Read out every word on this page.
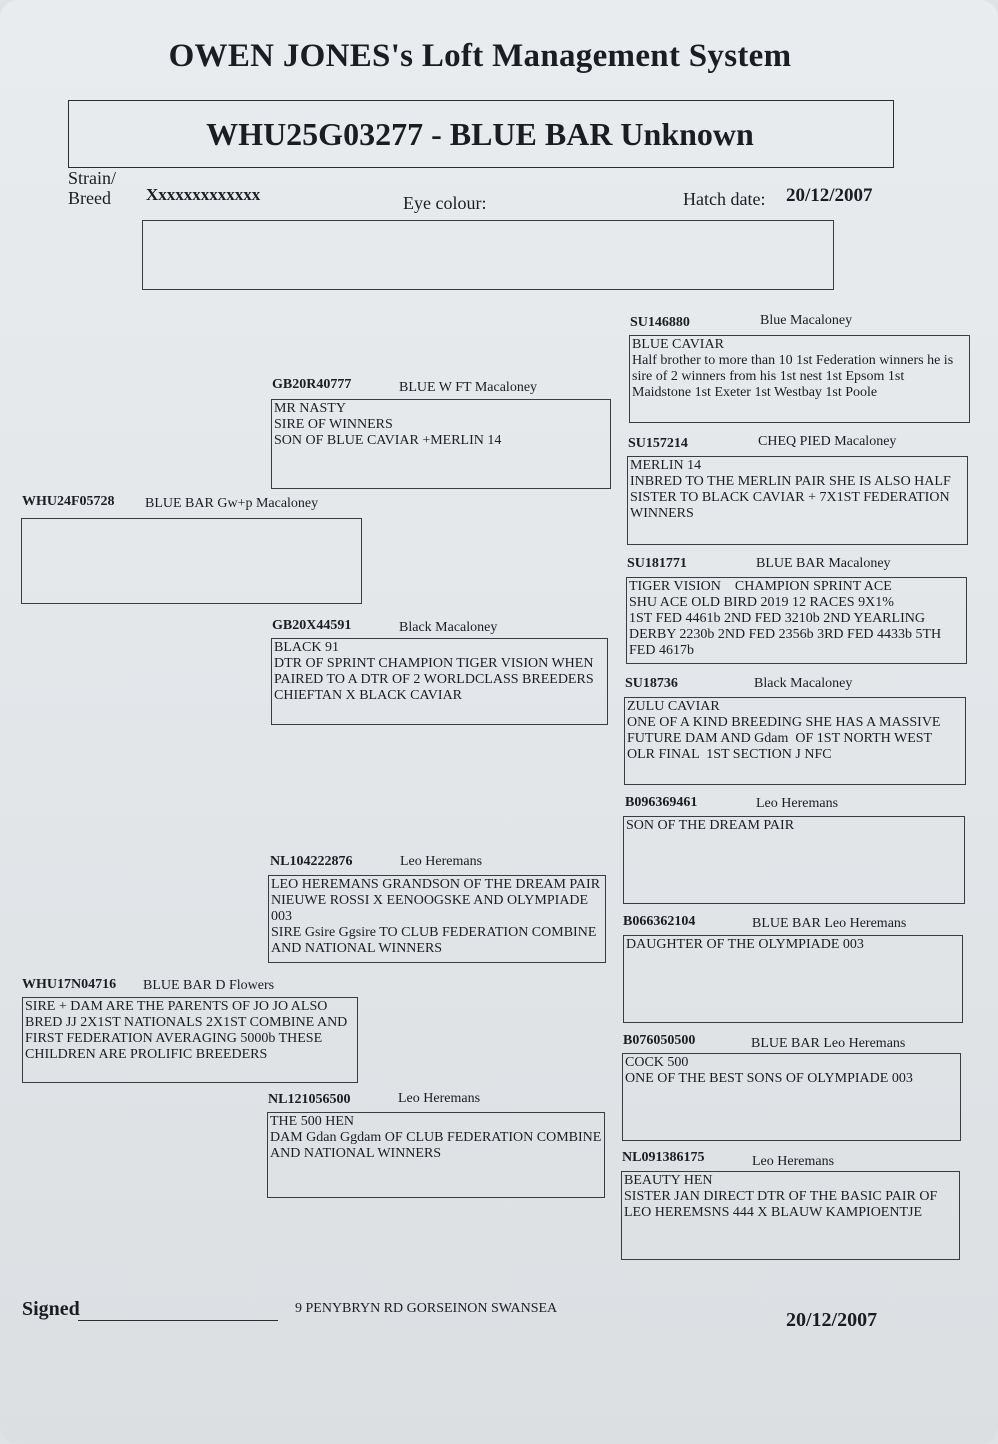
OWEN JONES's Loft Management System
WHU25G03277 - BLUE BAR Unknown
Strain/
Breed Xxxxxxxxxxxxx	Eye colour:	Hatch date: 20/12/2007
WHU24F05728 BLUE BAR Gw+p Macaloney
WHU17N04716 BLUE BAR D Flowers
SIRE + DAM ARE THE PARENTS OF JO JO ALSO
BRED JJ 2X1ST NATIONALS 2X1ST COMBINE AND
FIRST FEDERATION AVERAGING 5000b THESE
CHILDREN ARE PROLIFIC BREEDERS
GB20R40777	BLUE W FT Macaloney
MR NASTY
SIRE OF WINNERS
SON OF BLUE CAVIAR +MERLIN 14
GB20X44591	Black Macaloney
BLACK 91
DTR OF SPRINT CHAMPION TIGER VISION WHEN
PAIRED TO A DTR OF 2 WORLDCLASS BREEDERS
CHIEFTAN X BLACK CAVIAR
NL104222876	Leo Heremans
LEO HEREMANS GRANDSON OF THE DREAM PAIR
NIEUWE ROSSI X EENOOGSKE AND OLYMPIADE
003
SIRE Gsire Ggsire TO CLUB FEDERATION COMBINE
AND NATIONAL WINNERS
NL121056500	Leo Heremans
THE 500 HEN
DAM Gdan Ggdam OF CLUB FEDERATION COMBINE
AND NATIONAL WINNERS
SU146880	Blue Macaloney
BLUE CAVIAR
Half brother to more than 10 1st Federation winners he is
sire of 2 winners from his 1st nest 1st Epsom 1st
Maidstone 1st Exeter 1st Westbay 1st Poole
SU157214	CHEQ PIED Macaloney
MERLIN 14
INBRED TO THE MERLIN PAIR SHE IS ALSO HALF
SISTER TO BLACK CAVIAR + 7X1ST FEDERATION
WINNERS
SU181771	BLUE BAR Macaloney
TIGER VISION    CHAMPION SPRINT ACE
SHU ACE OLD BIRD 2019 12 RACES 9X1%
1ST FED 4461b 2ND FED 3210b 2ND YEARLING
DERBY 2230b 2ND FED 2356b 3RD FED 4433b 5TH
FED 4617b
SU18736	Black Macaloney
ZULU CAVIAR
ONE OF A KIND BREEDING SHE HAS A MASSIVE
FUTURE DAM AND Gdam  OF 1ST NORTH WEST
OLR FINAL  1ST SECTION J NFC
B096369461	Leo Heremans
SON OF THE DREAM PAIR
B066362104	BLUE BAR Leo Heremans
DAUGHTER OF THE OLYMPIADE 003
B076050500	BLUE BAR Leo Heremans
COCK 500
ONE OF THE BEST SONS OF OLYMPIADE 003
NL091386175	Leo Heremans
BEAUTY HEN
SISTER JAN DIRECT DTR OF THE BASIC PAIR OF
LEO HEREMSNS 444 X BLAUW KAMPIOENTJE
Signed	9 PENYBRYN RD GORSEINON SWANSEA
20/12/2007
